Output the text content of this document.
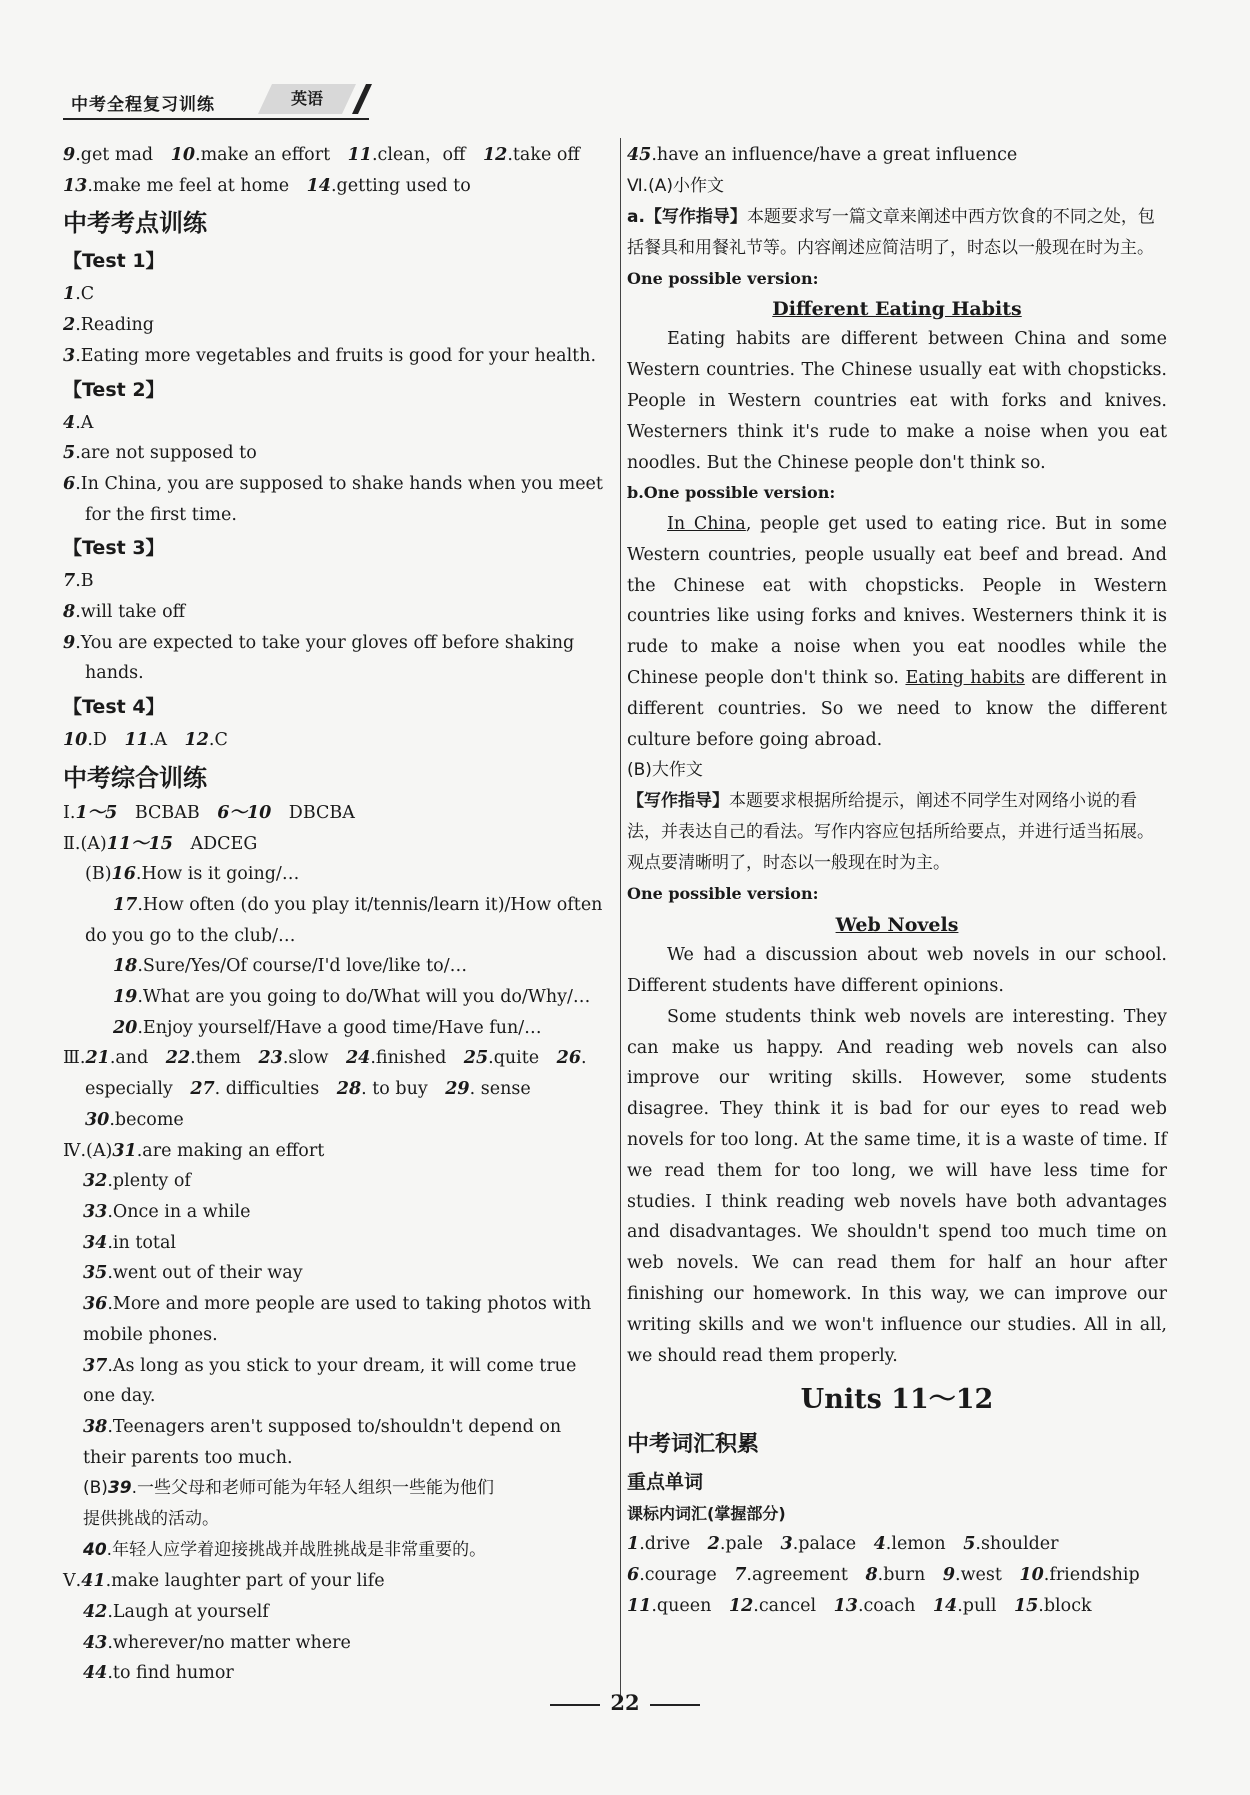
中考全程复习训练	英语
9.get mad　10.make an effort　11.clean，off　12.take off
13.make me feel at home　14.getting used to
中考考点训练
【Test 1】
1.C
2.Reading
3.Eating more vegetables and fruits is good for your health.
【Test 2】
4.A
5.are not supposed to
6.In China, you are supposed to shake hands when you meet
for the first time.
【Test 3】
7.B
8.will take off
9.You are expected to take your gloves off before shaking
hands.
【Test 4】
10.D　11.A　12.C
中考综合训练
Ⅰ.1～5　BCBAB　6～10　DBCBA
Ⅱ.(A)11～15　ADCEG
(B)16.How is it going/…
17.How often (do you play it/tennis/learn it)/How often
do you go to the club/…
18.Sure/Yes/Of course/I'd love/like to/…
19.What are you going to do/What will you do/Why/…
20.Enjoy yourself/Have a good time/Have fun/…
Ⅲ.21.and　22.them　23.slow　24.finished　25.quite　26.
especially　27. difficulties　28. to buy　29. sense
30.become
Ⅳ.(A)31.are making an effort
32.plenty of
33.Once in a while
34.in total
35.went out of their way
36.More and more people are used to taking photos with
mobile phones.
37.As long as you stick to your dream, it will come true
one day.
38.Teenagers aren't supposed to/shouldn't depend on
their parents too much.
(B)39.一些父母和老师可能为年轻人组织一些能为他们
提供挑战的活动。
40.年轻人应学着迎接挑战并战胜挑战是非常重要的。
Ⅴ.41.make laughter part of your life
42.Laugh at yourself
43.wherever/no matter where
44.to find humor
45.have an influence/have a great influence
Ⅵ.(A)小作文
a.【写作指导】本题要求写一篇文章来阐述中西方饮食的不同之处，包括餐具和用餐礼节等。内容阐述应简洁明了，时态以一般现在时为主。
One possible version:
Different Eating Habits
Eating habits are different between China and some Western countries. The Chinese usually eat with chopsticks. People in Western countries eat with forks and knives. Westerners think it's rude to make a noise when you eat noodles. But the Chinese people don't think so.
b.One possible version:
In China, people get used to eating rice. But in some Western countries, people usually eat beef and bread. And the Chinese eat with chopsticks. People in Western countries like using forks and knives. Westerners think it is rude to make a noise when you eat noodles while the Chinese people don't think so. Eating habits are different in different countries. So we need to know the different culture before going abroad.
(B)大作文
【写作指导】本题要求根据所给提示，阐述不同学生对网络小说的看法，并表达自己的看法。写作内容应包括所给要点，并进行适当拓展。观点要清晰明了，时态以一般现在时为主。
One possible version:
Web Novels
We had a discussion about web novels in our school. Different students have different opinions.
Some students think web novels are interesting. They can make us happy. And reading web novels can also improve our writing skills. However, some students disagree. They think it is bad for our eyes to read web novels for too long. At the same time, it is a waste of time. If we read them for too long, we will have less time for studies. I think reading web novels have both advantages and disadvantages. We shouldn't spend too much time on web novels. We can read them for half an hour after finishing our homework. In this way, we can improve our writing skills and we won't influence our studies. All in all, we should read them properly.
Units 11～12
中考词汇积累
重点单词
课标内词汇(掌握部分)
1.drive　2.pale　3.palace　4.lemon　5.shoulder
6.courage　7.agreement　8.burn　9.west　10.friendship
11.queen　12.cancel　13.coach　14.pull　15.block
22
